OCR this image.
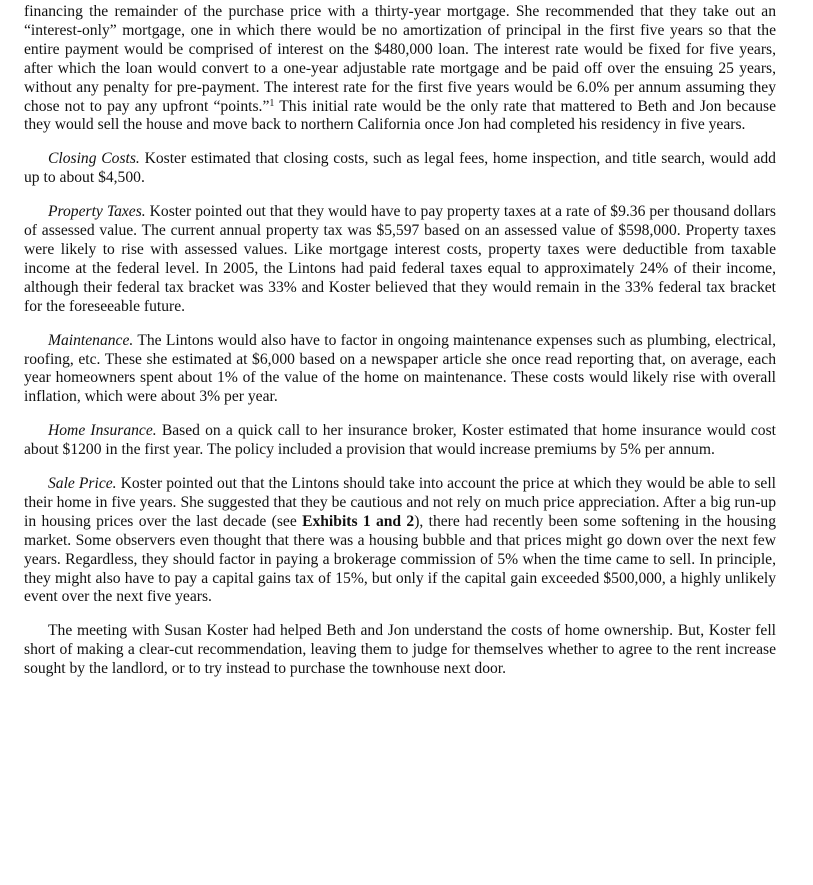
financing the remainder of the purchase price with a thirty-year mortgage. She recommended that they take out an “interest-only” mortgage, one in which there would be no amortization of principal in the first five years so that the entire payment would be comprised of interest on the $480,000 loan. The interest rate would be fixed for five years, after which the loan would convert to a one-year adjustable rate mortgage and be paid off over the ensuing 25 years, without any penalty for pre-payment. The interest rate for the first five years would be 6.0% per annum assuming they chose not to pay any upfront “points.”$^1$ This initial rate would be the only rate that mattered to Beth and Jon because they would sell the house and move back to northern California once Jon had completed his residency in five years.

Closing Costs. Koster estimated that closing costs, such as legal fees, home inspection, and title search, would add up to about $4,500.

Property Taxes. Koster pointed out that they would have to pay property taxes at a rate of $9.36 per thousand dollars of assessed value. The current annual property tax was $5,597 based on an assessed value of $598,000. Property taxes were likely to rise with assessed values. Like mortgage interest costs, property taxes were deductible from taxable income at the federal level. In 2005, the Lintons had paid federal taxes equal to approximately 24% of their income, although their federal tax bracket was 33% and Koster believed that they would remain in the 33% federal tax bracket for the foreseeable future.

Maintenance. The Lintons would also have to factor in ongoing maintenance expenses such as plumbing, electrical, roofing, etc. These she estimated at $6,000 based on a newspaper article she once read reporting that, on average, each year homeowners spent about 1% of the value of the home on maintenance. These costs would likely rise with overall inflation, which were about 3% per year.

Home Insurance. Based on a quick call to her insurance broker, Koster estimated that home insurance would cost about $1200 in the first year. The policy included a provision that would increase premiums by 5% per annum.

Sale Price. Koster pointed out that the Lintons should take into account the price at which they would be able to sell their home in five years. She suggested that they be cautious and not rely on much price appreciation. After a big run-up in housing prices over the last decade (see Exhibits 1 and 2), there had recently been some softening in the housing market. Some observers even thought that there was a housing bubble and that prices might go down over the next few years. Regardless, they should factor in paying a brokerage commission of 5% when the time came to sell. In principle, they might also have to pay a capital gains tax of 15%, but only if the capital gain exceeded $500,000, a highly unlikely event over the next five years.

The meeting with Susan Koster had helped Beth and Jon understand the costs of home ownership. But, Koster fell short of making a clear-cut recommendation, leaving them to judge for themselves whether to agree to the rent increase sought by the landlord, or to try instead to purchase the townhouse next door.
